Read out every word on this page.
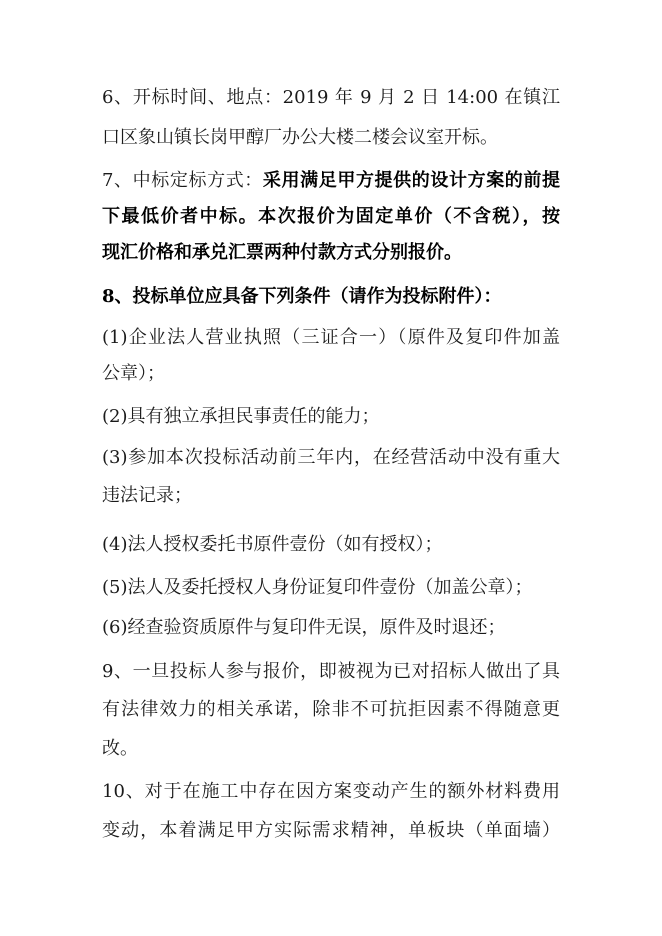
6、开标时间、地点：2019 年 9 月 2 日 14:00 在镇江
口区象山镇长岗甲醇厂办公大楼二楼会议室开标。
7、中标定标方式：采用满足甲方提供的设计方案的前提
下最低价者中标。本次报价为固定单价（不含税），按
现汇价格和承兑汇票两种付款方式分别报价。
8、投标单位应具备下列条件（请作为投标附件）：
(1)企业法人营业执照（三证合一）（原件及复印件加盖
公章）；
(2)具有独立承担民事责任的能力；
(3)参加本次投标活动前三年内，在经营活动中没有重大
违法记录；
(4)法人授权委托书原件壹份（如有授权）；
(5)法人及委托授权人身份证复印件壹份（加盖公章）；
(6)经查验资质原件与复印件无误，原件及时退还；
9、一旦投标人参与报价，即被视为已对招标人做出了具
有法律效力的相关承诺，除非不可抗拒因素不得随意更
改。
10、对于在施工中存在因方案变动产生的额外材料费用
变动，本着满足甲方实际需求精神，单板块（单面墙）
